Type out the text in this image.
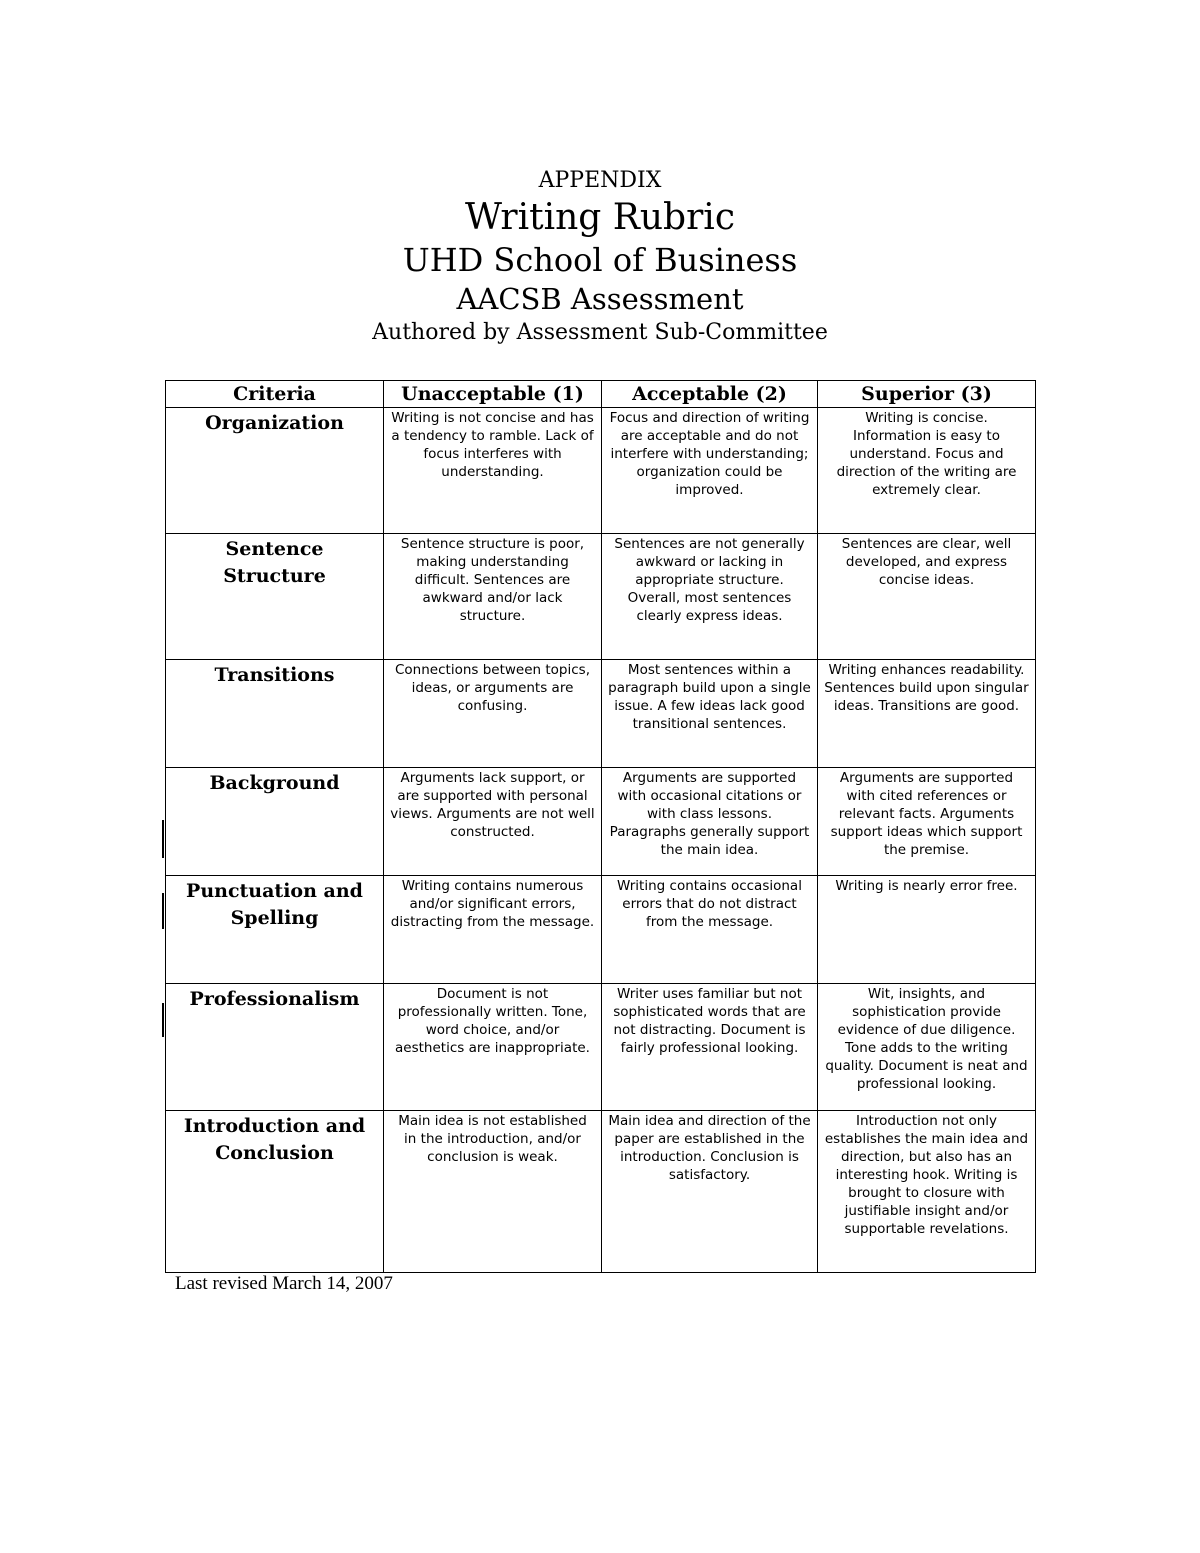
APPENDIX
Writing Rubric
UHD School of Business
AACSB Assessment
Authored by Assessment Sub-Committee
Criteria	Unacceptable (1)	Acceptable (2)	Superior (3)
Organization	Writing is not concise and has a tendency to ramble. Lack of focus interferes with understanding.	Focus and direction of writing are acceptable and do not interfere with understanding; organization could be improved.	Writing is concise. Information is easy to understand. Focus and direction of the writing are extremely clear.
Sentence Structure	Sentence structure is poor, making understanding difficult. Sentences are awkward and/or lack structure.	Sentences are not generally awkward or lacking in appropriate structure. Overall, most sentences clearly express ideas.	Sentences are clear, well developed, and express concise ideas.
Transitions	Connections between topics, ideas, or arguments are confusing.	Most sentences within a paragraph build upon a single issue. A few ideas lack good transitional sentences.	Writing enhances readability. Sentences build upon singular ideas. Transitions are good.
Background	Arguments lack support, or are supported with personal views. Arguments are not well constructed.	Arguments are supported with occasional citations or with class lessons. Paragraphs generally support the main idea.	Arguments are supported with cited references or relevant facts. Arguments support ideas which support the premise.
Punctuation and Spelling	Writing contains numerous and/or significant errors, distracting from the message.	Writing contains occasional errors that do not distract from the message.	Writing is nearly error free.
Professionalism	Document is not professionally written. Tone, word choice, and/or aesthetics are inappropriate.	Writer uses familiar but not sophisticated words that are not distracting. Document is fairly professional looking.	Wit, insights, and sophistication provide evidence of due diligence. Tone adds to the writing quality. Document is neat and professional looking.
Introduction and Conclusion	Main idea is not established in the introduction, and/or conclusion is weak.	Main idea and direction of the paper are established in the introduction. Conclusion is satisfactory.	Introduction not only establishes the main idea and direction, but also has an interesting hook. Writing is brought to closure with justifiable insight and/or supportable revelations.
Last revised March 14, 2007
